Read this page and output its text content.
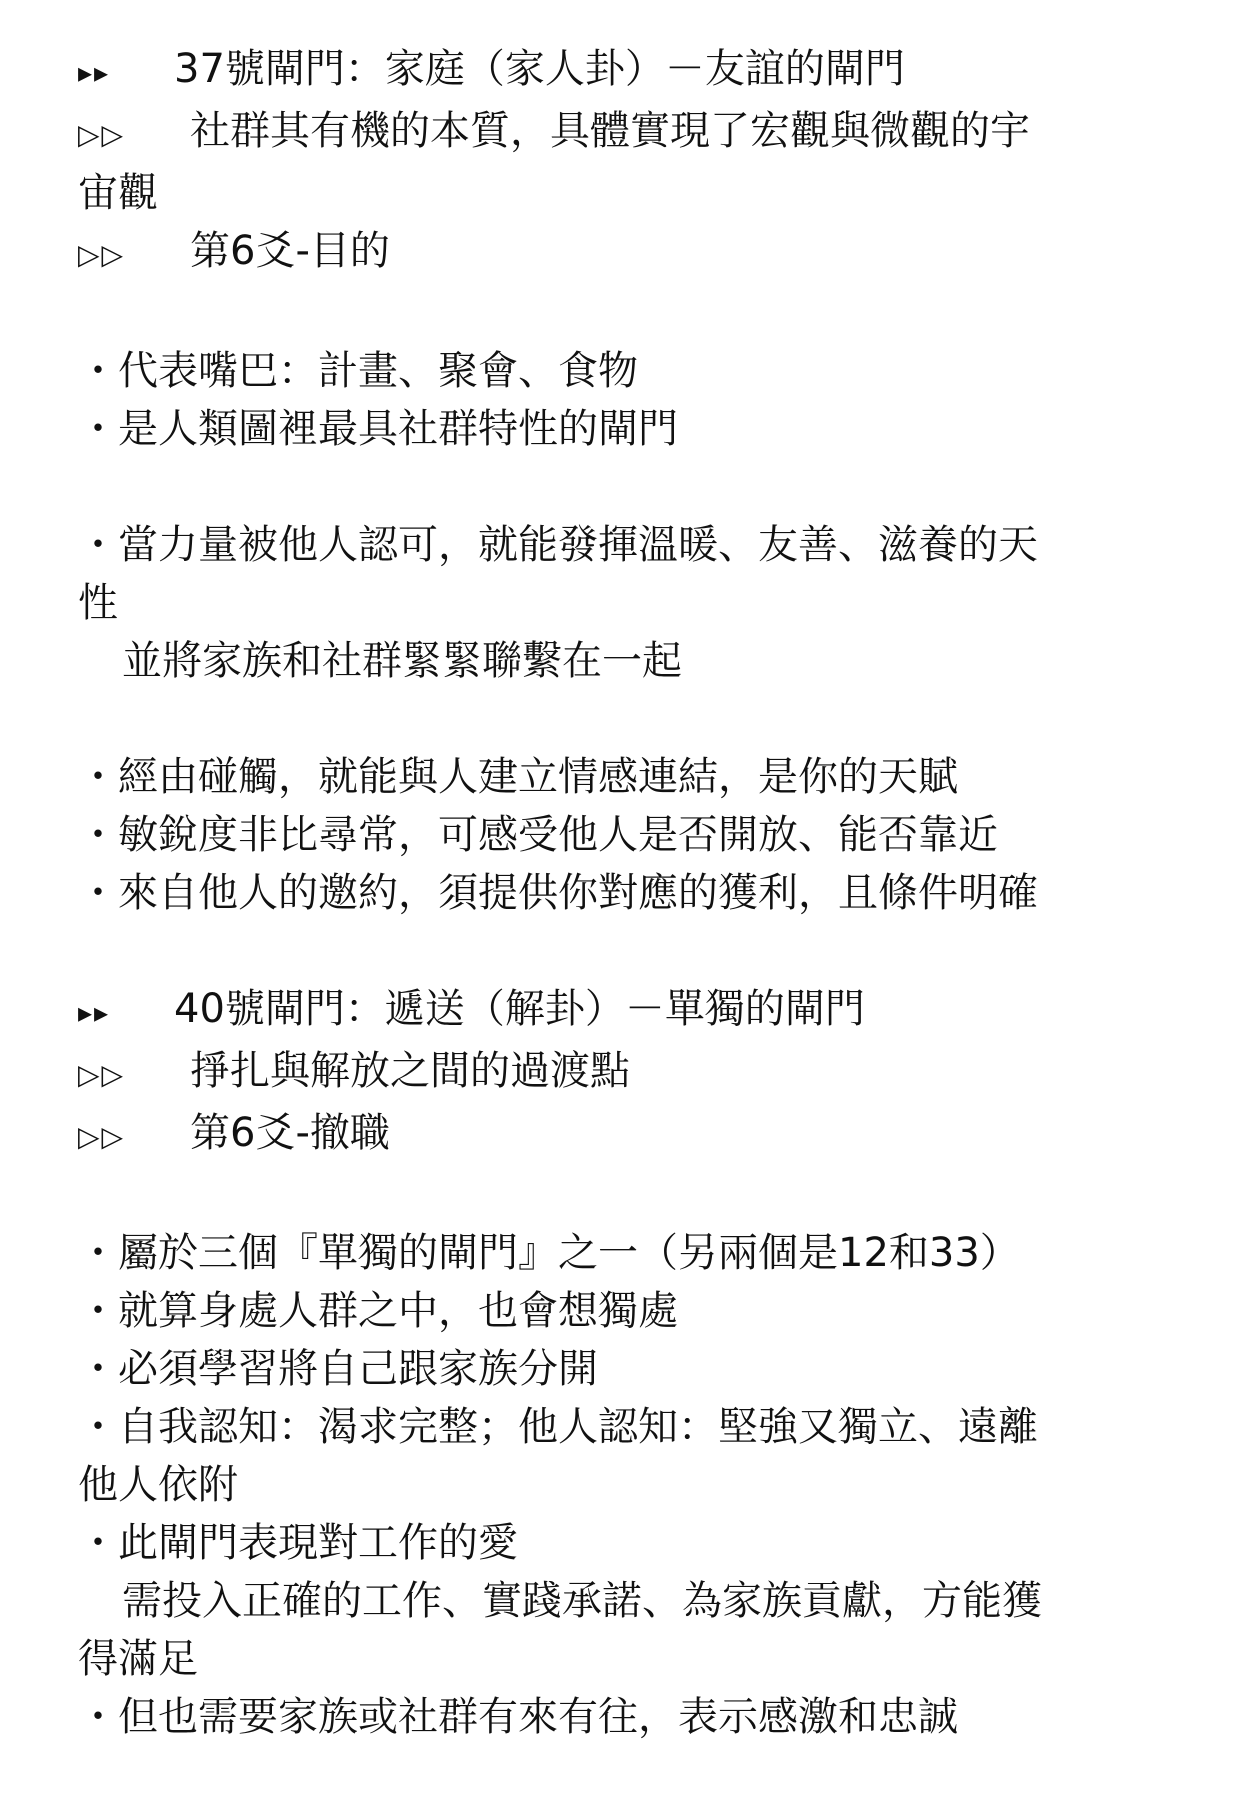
▸▸	37號閘門：家庭（家人卦）－友誼的閘門
▷▷	社群其有機的本質，具體實現了宏觀與微觀的宇
宙觀
▷▷	第6爻-目的
・代表嘴巴：計畫、聚會、食物
・是人類圖裡最具社群特性的閘門
・當力量被他人認可，就能發揮溫暖、友善、滋養的天
性
並將家族和社群緊緊聯繫在一起
・經由碰觸，就能與人建立情感連結，是你的天賦
・敏銳度非比尋常，可感受他人是否開放、能否靠近
・來自他人的邀約，須提供你對應的獲利，且條件明確
▸▸	40號閘門：遞送（解卦）－單獨的閘門
▷▷	掙扎與解放之間的過渡點
▷▷	第6爻-撤職
・屬於三個『單獨的閘門』之一（另兩個是12和33）
・就算身處人群之中，也會想獨處
・必須學習將自己跟家族分開
・自我認知：渴求完整；他人認知：堅強又獨立、遠離
他人依附
・此閘門表現對工作的愛
需投入正確的工作、實踐承諾、為家族貢獻，方能獲
得滿足
・但也需要家族或社群有來有往，表示感激和忠誠
